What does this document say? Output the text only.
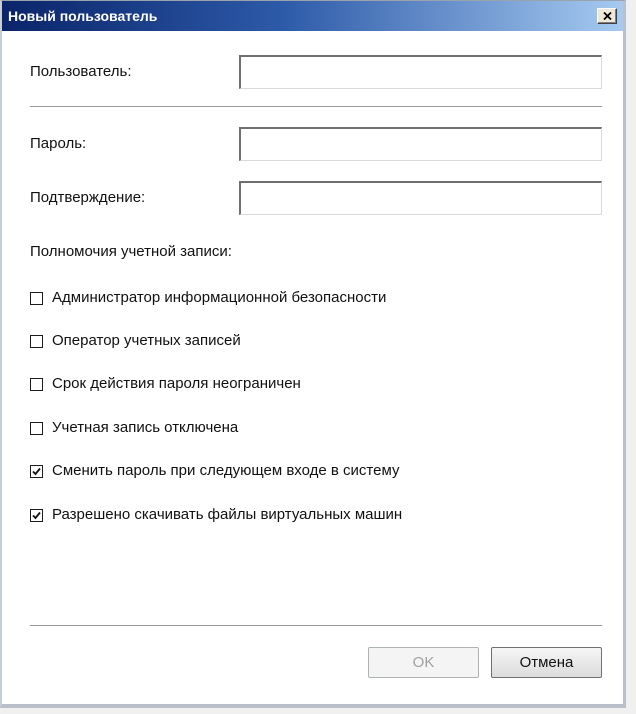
Новый пользователь
Пользователь:
Пароль:
Подтверждение:
Полномочия учетной записи:
Администратор информационной безопасности
Оператор учетных записей
Срок действия пароля неограничен
Учетная запись отключена
Сменить пароль при следующем входе в систему
Разрешено скачивать файлы виртуальных машин
OK	Отмена
